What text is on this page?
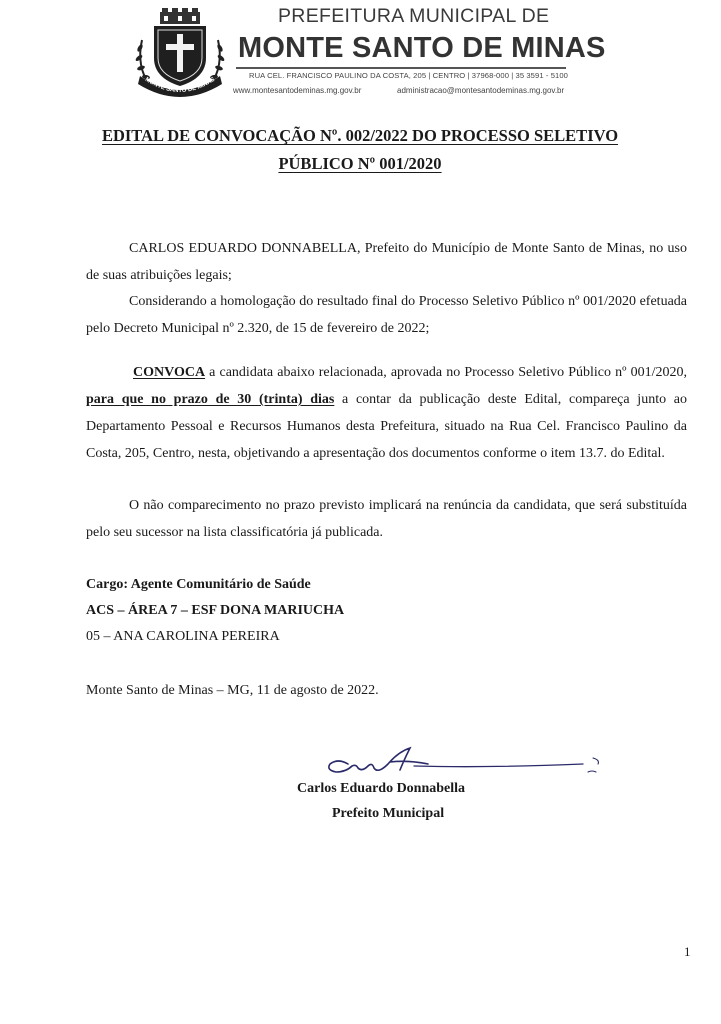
MONTE SANTO DE MINAS
PREFEITURA MUNICIPAL DE
MONTE SANTO DE MINAS
RUA CEL. FRANCISCO PAULINO DA COSTA, 205 | CENTRO | 37968-000 | 35 3591 - 5100
www.montesantodeminas.mg.gov.br	administracao@montesantodeminas.mg.gov.br
EDITAL DE CONVOCAÇÃO Nº. 002/2022 DO PROCESSO SELETIVO
PÚBLICO Nº 001/2020
CARLOS EDUARDO DONNABELLA, Prefeito do Município de Monte Santo de Minas, no uso de suas atribuições legais;
Considerando a homologação do resultado final do Processo Seletivo Público nº 001/2020 efetuada pelo Decreto Municipal nº 2.320, de 15 de fevereiro de 2022;
CONVOCA a candidata abaixo relacionada, aprovada no Processo Seletivo Público nº 001/2020, para que no prazo de 30 (trinta) dias a contar da publicação deste Edital, compareça junto ao Departamento Pessoal e Recursos Humanos desta Prefeitura, situado na Rua Cel. Francisco Paulino da Costa, 205, Centro, nesta, objetivando a apresentação dos documentos conforme o item 13.7. do Edital.
O não comparecimento no prazo previsto implicará na renúncia da candidata, que será substituída pelo seu sucessor na lista classificatória já publicada.
Cargo: Agente Comunitário de Saúde
ACS – ÁREA 7 – ESF DONA MARIUCHA
05 – ANA CAROLINA PEREIRA
Monte Santo de Minas – MG, 11 de agosto de 2022.
Carlos Eduardo Donnabella
Prefeito Municipal
1
